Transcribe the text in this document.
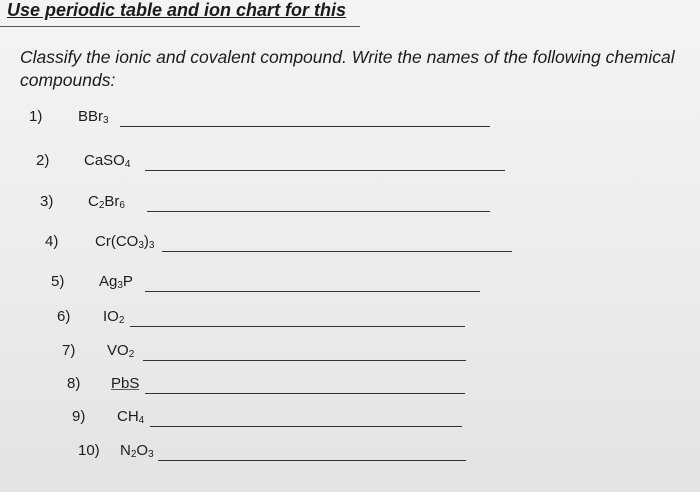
Use periodic table and ion chart for this
Classify the ionic and covalent compound. Write the names of the following chemical
compounds:
1) BBr$_3$
2) CaSO$_4$
3) $C_2Br_6$
4) $Cr(CO_3)_3$
5) $Ag_3P$
6) $IO_2$
7) $VO_2$
8) PbS
9) $CH_4$
10) $N_2O_3$
